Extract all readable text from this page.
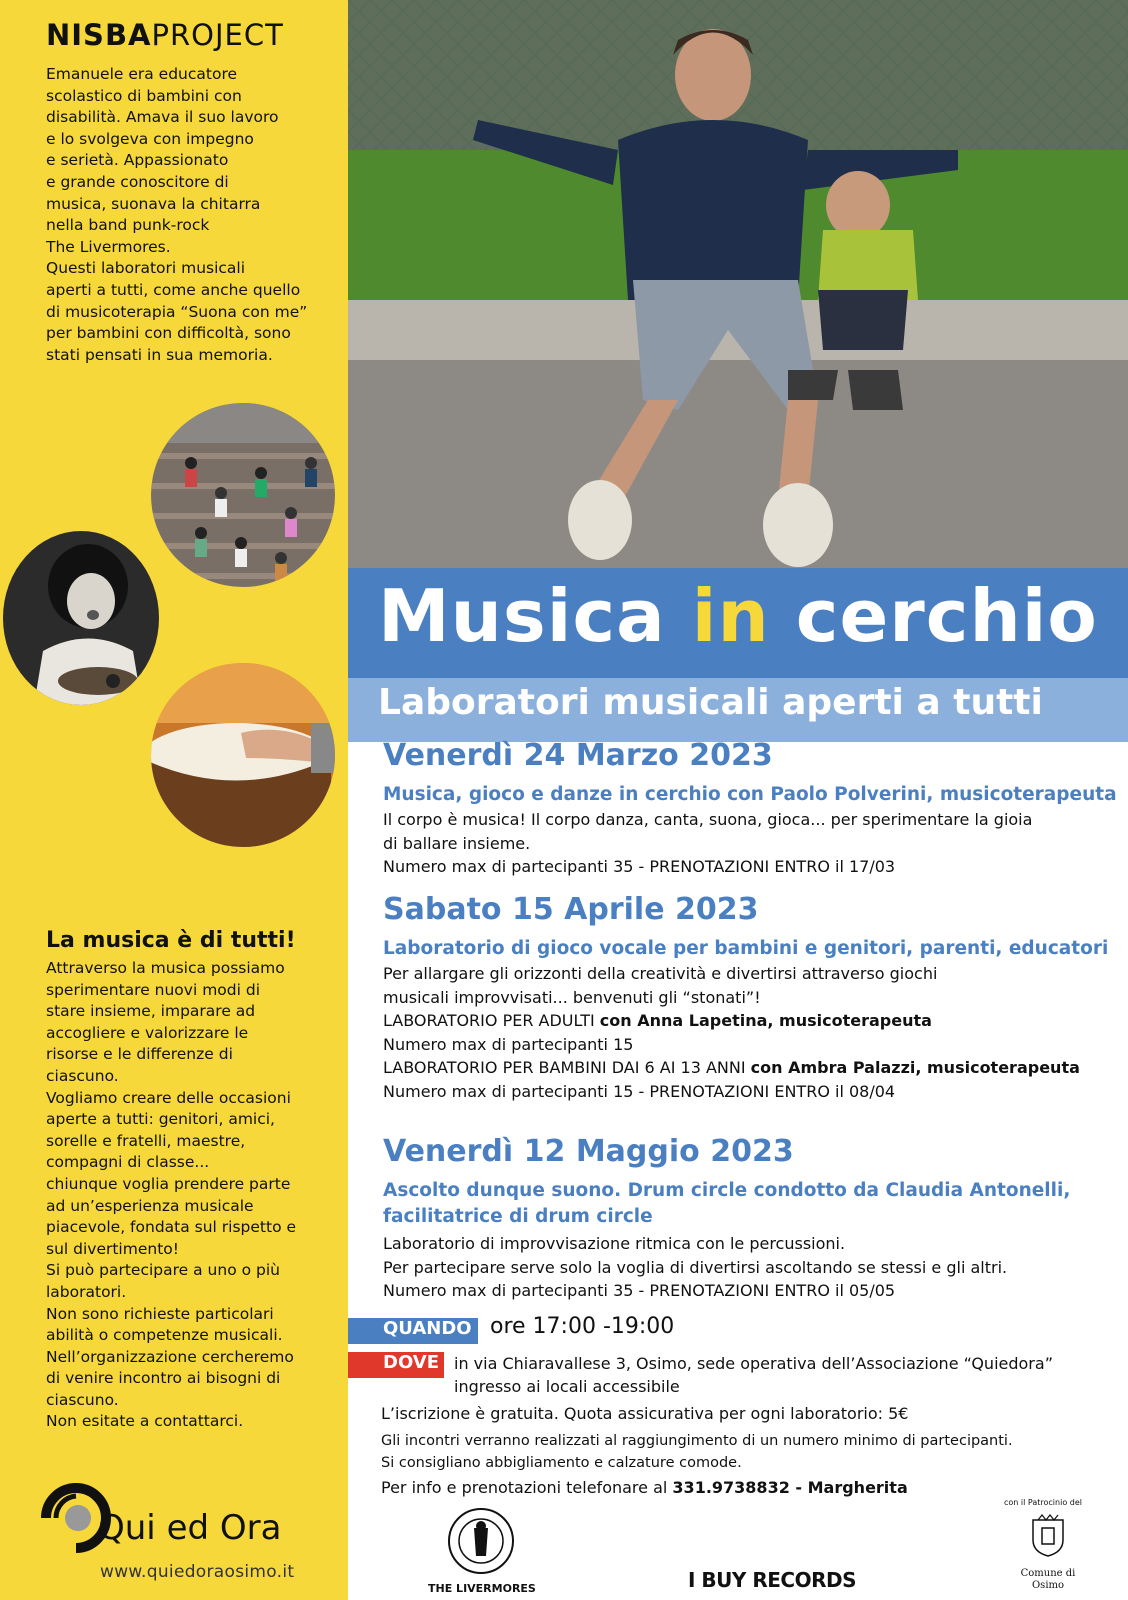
NISBAPROJECT
Emanuele era educatore
scolastico di bambini con
disabilità. Amava il suo lavoro
e lo svolgeva con impegno
e serietà. Appassionato
e grande conoscitore di
musica, suonava la chitarra
nella band punk-rock
The Livermores.
Questi laboratori musicali
aperti a tutti, come anche quello
di musicoterapia “Suona con me”
per bambini con difficoltà, sono
stati pensati in sua memoria.
La musica è di tutti!
Attraverso la musica possiamo
sperimentare nuovi modi di
stare insieme, imparare ad
accogliere e valorizzare le
risorse e le differenze di
ciascuno.
Vogliamo creare delle occasioni
aperte a tutti: genitori, amici,
sorelle e fratelli, maestre,
compagni di classe...
chiunque voglia prendere parte
ad un’esperienza musicale
piacevole, fondata sul rispetto e
sul divertimento!
Si può partecipare a uno o più
laboratori.
Non sono richieste particolari
abilità o competenze musicali.
Nell’organizzazione cercheremo
di venire incontro ai bisogni di
ciascuno.
Non esitate a contattarci.
Qui ed Ora
www.quiedoraosimo.it
Musica in cerchio
Laboratori musicali aperti a tutti
Venerdì 24 Marzo 2023
Musica, gioco e danze in cerchio con Paolo Polverini, musicoterapeuta
Il corpo è musica! Il corpo danza, canta, suona, gioca... per sperimentare la gioia
di ballare insieme.
Numero max di partecipanti 35 - PRENOTAZIONI ENTRO il 17/03
Sabato 15 Aprile 2023
Laboratorio di gioco vocale per bambini e genitori, parenti, educatori
Per allargare gli orizzonti della creatività e divertirsi attraverso giochi
musicali improvvisati... benvenuti gli “stonati”!
LABORATORIO PER ADULTI con Anna Lapetina, musicoterapeuta
Numero max di partecipanti 15
LABORATORIO PER BAMBINI DAI 6 AI 13 ANNI con Ambra Palazzi, musicoterapeuta
Numero max di partecipanti 15 - PRENOTAZIONI ENTRO il 08/04
Venerdì 12 Maggio 2023
Ascolto dunque suono. Drum circle condotto da Claudia Antonelli,
facilitatrice di drum circle
Laboratorio di improvvisazione ritmica con le percussioni.
Per partecipare serve solo la voglia di divertirsi ascoltando se stessi e gli altri.
Numero max di partecipanti 35 - PRENOTAZIONI ENTRO il 05/05
QUANDO ore 17:00 -19:00
DOVE in via Chiaravallese 3, Osimo, sede operativa dell’Associazione “Quiedora”
ingresso ai locali accessibile
L’iscrizione è gratuita. Quota assicurativa per ogni laboratorio: 5€
Gli incontri verranno realizzati al raggiungimento di un numero minimo di partecipanti.
Si consigliano abbigliamento e calzature comode.
Per info e prenotazioni telefonare al 331.9738832 - Margherita
THE LIVERMORES	I BUY RECORDS
con il Patrocinio del
Comune di
Osimo
